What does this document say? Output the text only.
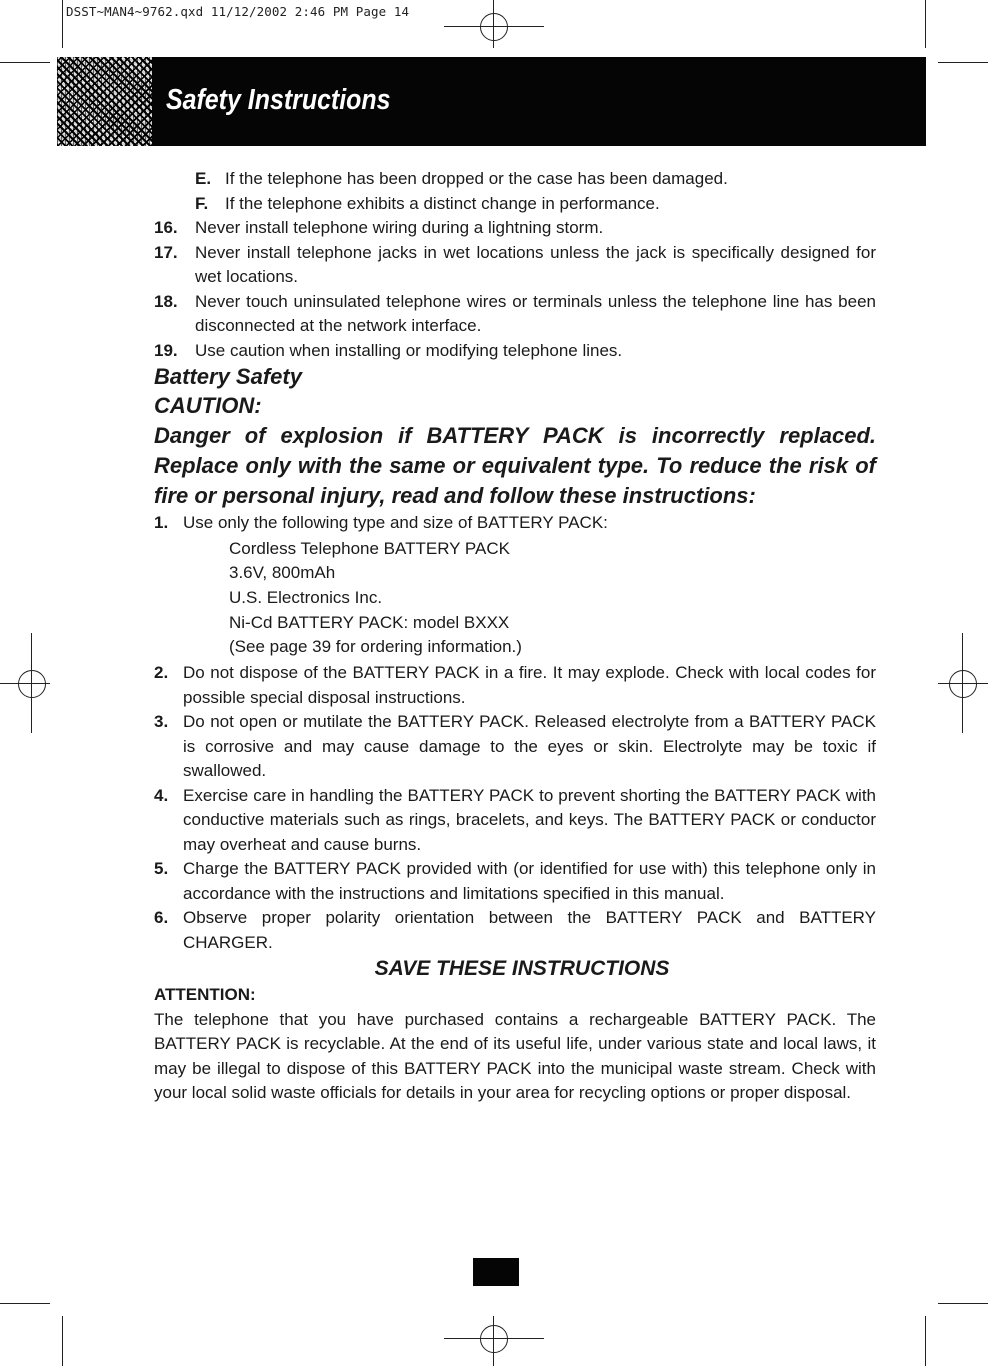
DSST~MAN4~9762.qxd 11/12/2002 2:46 PM Page 14
Safety Instructions
E. If the telephone has been dropped or the case has been damaged.
F. If the telephone exhibits a distinct change in performance.
16.	Never install telephone wiring during a lightning storm.
17.	Never install telephone jacks in wet locations unless the jack is specifically designed for wet locations.
18.	Never touch uninsulated telephone wires or terminals unless the telephone line has been disconnected at the network interface.
19.	Use caution when installing or modifying telephone lines.

Battery Safety

CAUTION:

Danger of explosion if BATTERY PACK is incorrectly replaced. Replace only with the same or equivalent type. To reduce the risk of fire or personal injury, read and follow these instructions:

1. Use only the following type and size of BATTERY PACK:
Cordless Telephone BATTERY PACK
3.6V, 800mAh
U.S. Electronics Inc.
Ni-Cd BATTERY PACK: model BXXX
(See page 39 for ordering information.)
2. Do not dispose of the BATTERY PACK in a fire. It may explode. Check with local codes for possible special disposal instructions.
3. Do not open or mutilate the BATTERY PACK. Released electrolyte from a BATTERY PACK is corrosive and may cause damage to the eyes or skin. Electrolyte may be toxic if swallowed.
4. Exercise care in handling the BATTERY PACK to prevent shorting the BATTERY PACK with conductive materials such as rings, bracelets, and keys. The BATTERY PACK or conductor may overheat and cause burns.
5. Charge the BATTERY PACK provided with (or identified for use with) this telephone only in accordance with the instructions and limitations specified in this manual.
6. Observe proper polarity orientation between the BATTERY PACK and BATTERY CHARGER.

SAVE THESE INSTRUCTIONS

ATTENTION:

The telephone that you have purchased contains a rechargeable BATTERY PACK. The BATTERY PACK is recyclable. At the end of its useful life, under various state and local laws, it may be illegal to dispose of this BATTERY PACK into the municipal waste stream. Check with your local solid waste officials for details in your area for recycling options or proper disposal.
